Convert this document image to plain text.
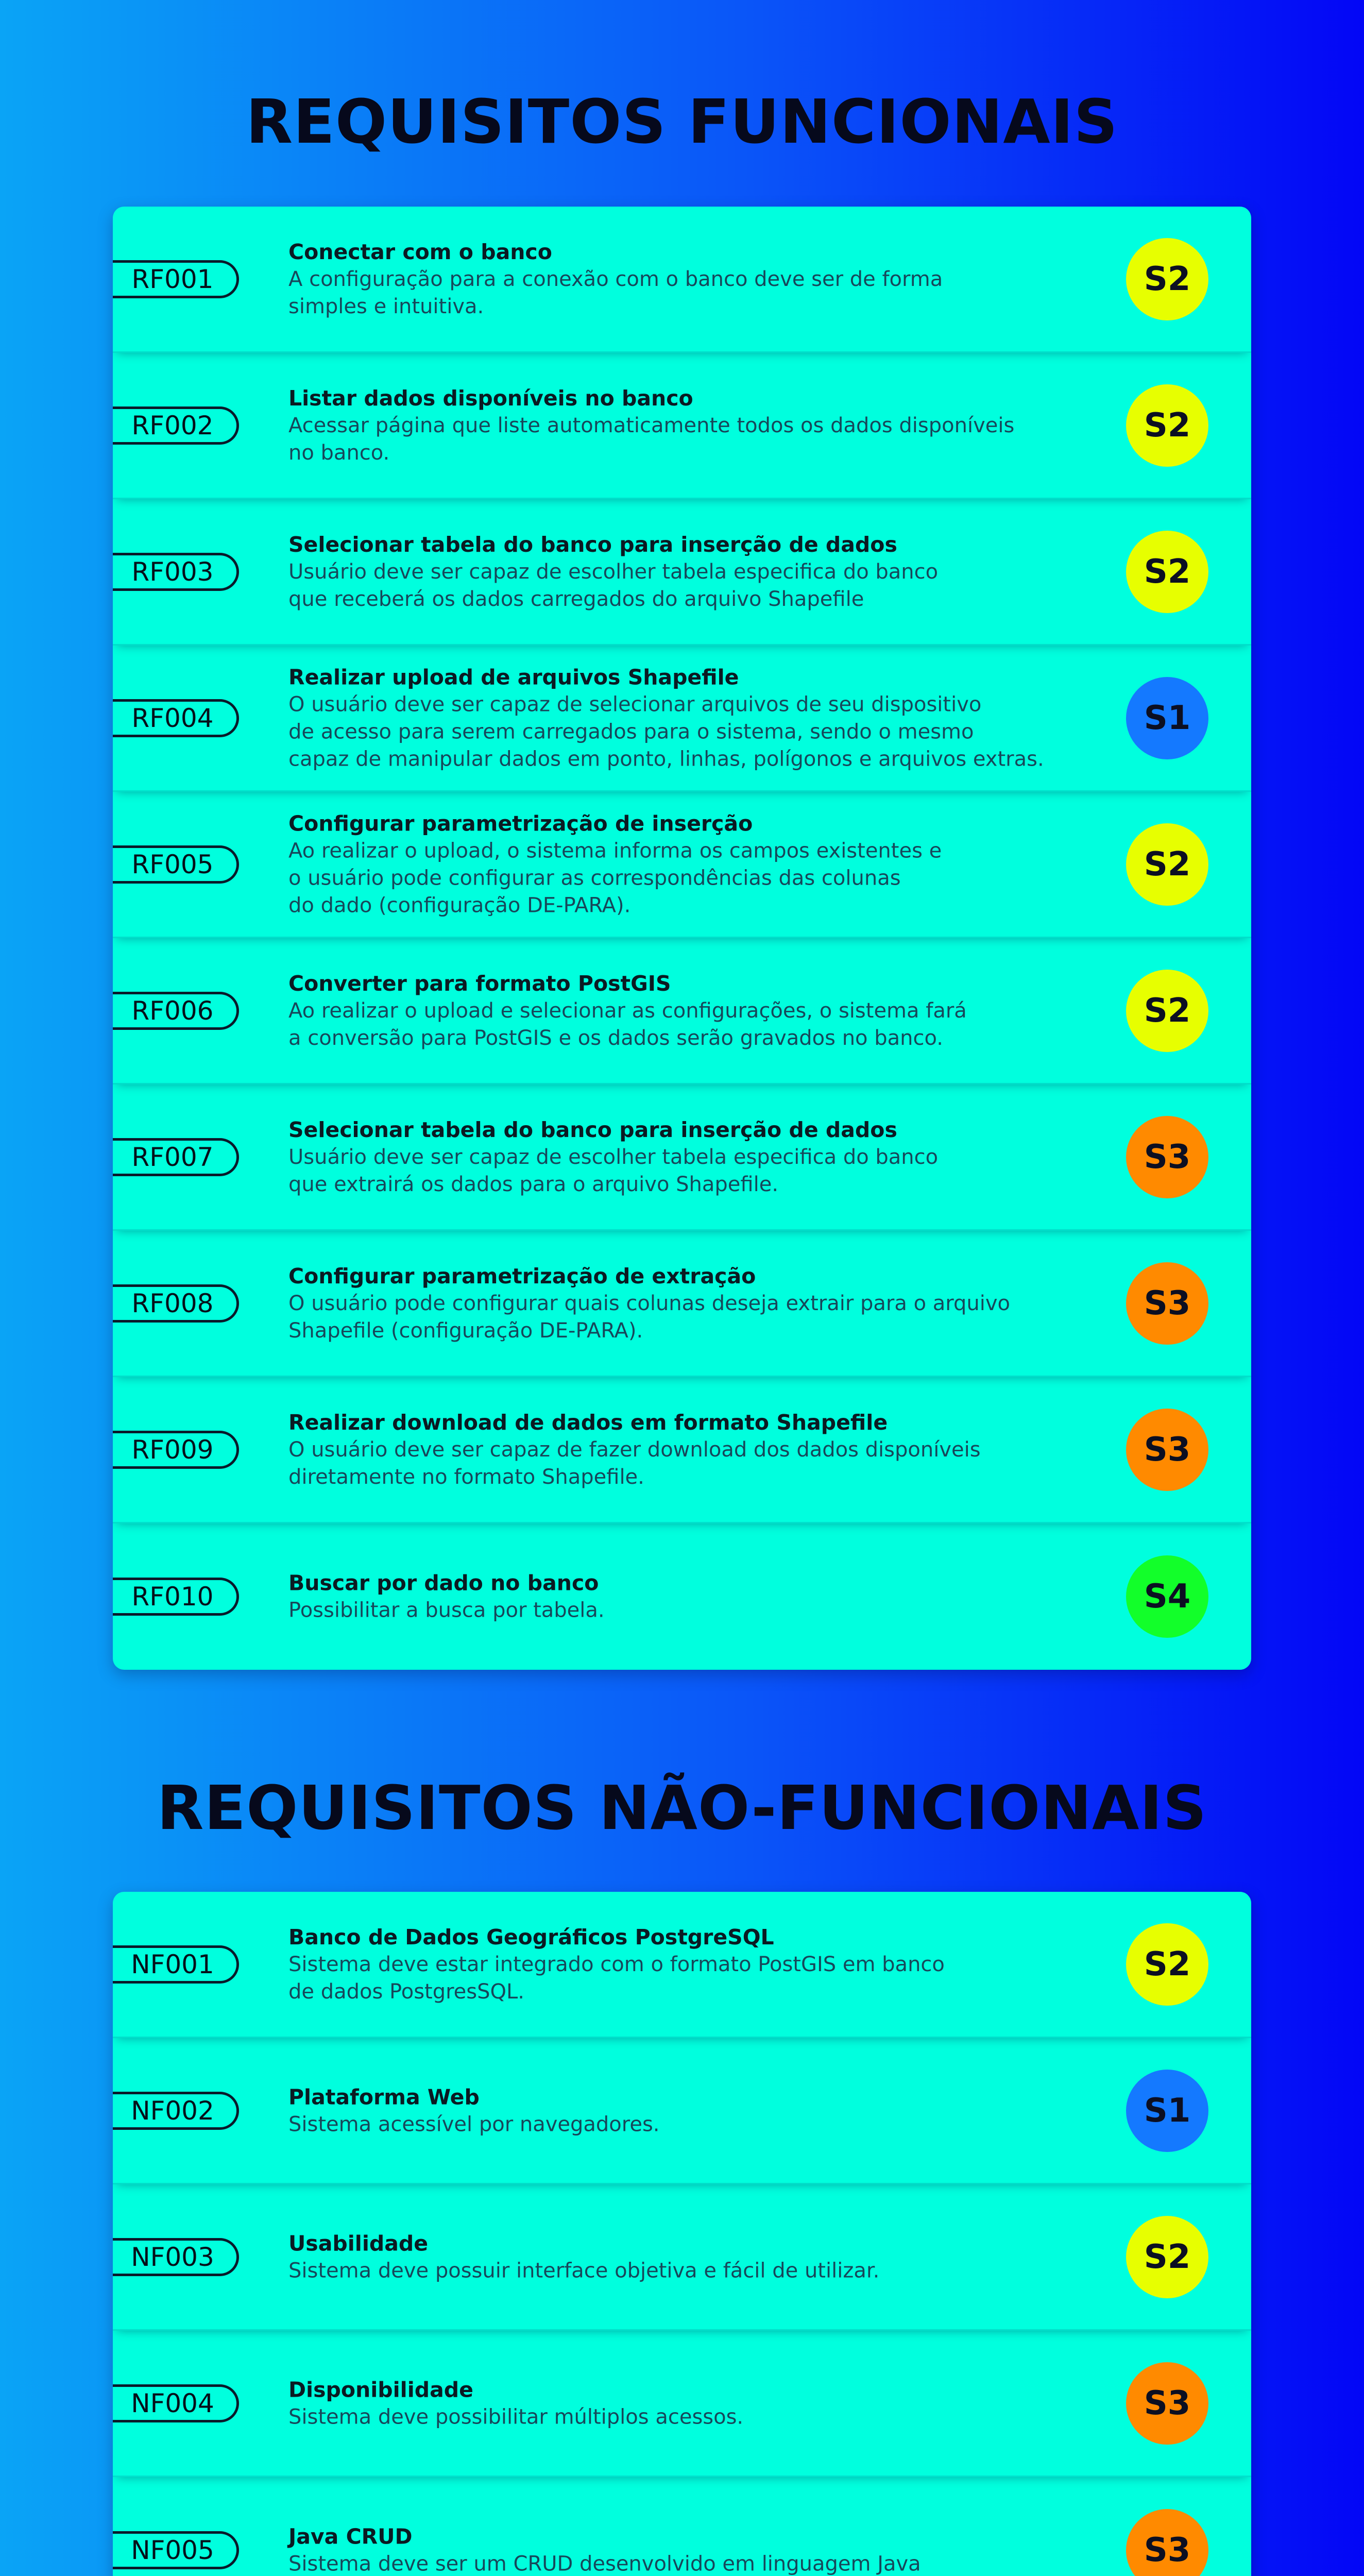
REQUISITOS FUNCIONAIS
RF001

Conectar com o banco

A configuração para a conexão com o banco deve ser de forma
simples e intuitiva.

S2
RF002

Listar dados disponíveis no banco

Acessar página que liste automaticamente todos os dados disponíveis
no banco.

S2
RF003

Selecionar tabela do banco para inserção de dados

Usuário deve ser capaz de escolher tabela especifica do banco
que receberá os dados carregados do arquivo Shapefile

S2
RF004

Realizar upload de arquivos Shapefile

O usuário deve ser capaz de selecionar arquivos de seu dispositivo
de acesso para serem carregados para o sistema, sendo o mesmo
capaz de manipular dados em ponto, linhas, polígonos e arquivos extras.

S1
RF005

Configurar parametrização de inserção

Ao realizar o upload, o sistema informa os campos existentes e
o usuário pode configurar as correspondências das colunas
do dado (configuração DE-PARA).

S2
RF006

Converter para formato PostGIS

Ao realizar o upload e selecionar as configurações, o sistema fará
a conversão para PostGIS e os dados serão gravados no banco.

S2
RF007

Selecionar tabela do banco para inserção de dados

Usuário deve ser capaz de escolher tabela especifica do banco
que extrairá os dados para o arquivo Shapefile.

S3
RF008

Configurar parametrização de extração

O usuário pode configurar quais colunas deseja extrair para o arquivo
Shapefile (configuração DE-PARA).

S3
RF009

Realizar download de dados em formato Shapefile

O usuário deve ser capaz de fazer download dos dados disponíveis
diretamente no formato Shapefile.

S3
RF010	Buscar por dado no banco

Possibilitar a busca por tabela.	S4
REQUISITOS NÃO-FUNCIONAIS
NF001

Banco de Dados Geográficos PostgreSQL

Sistema deve estar integrado com o formato PostGIS em banco
de dados PostgresSQL.

S2
NF002	Plataforma Web

Sistema acessível por navegadores.	S1
NF003	Usabilidade

Sistema deve possuir interface objetiva e fácil de utilizar.	S2
NF004	Disponibilidade

Sistema deve possibilitar múltiplos acessos.	S3
NF005	Java CRUD

Sistema deve ser um CRUD desenvolvido em linguagem Java	S3
